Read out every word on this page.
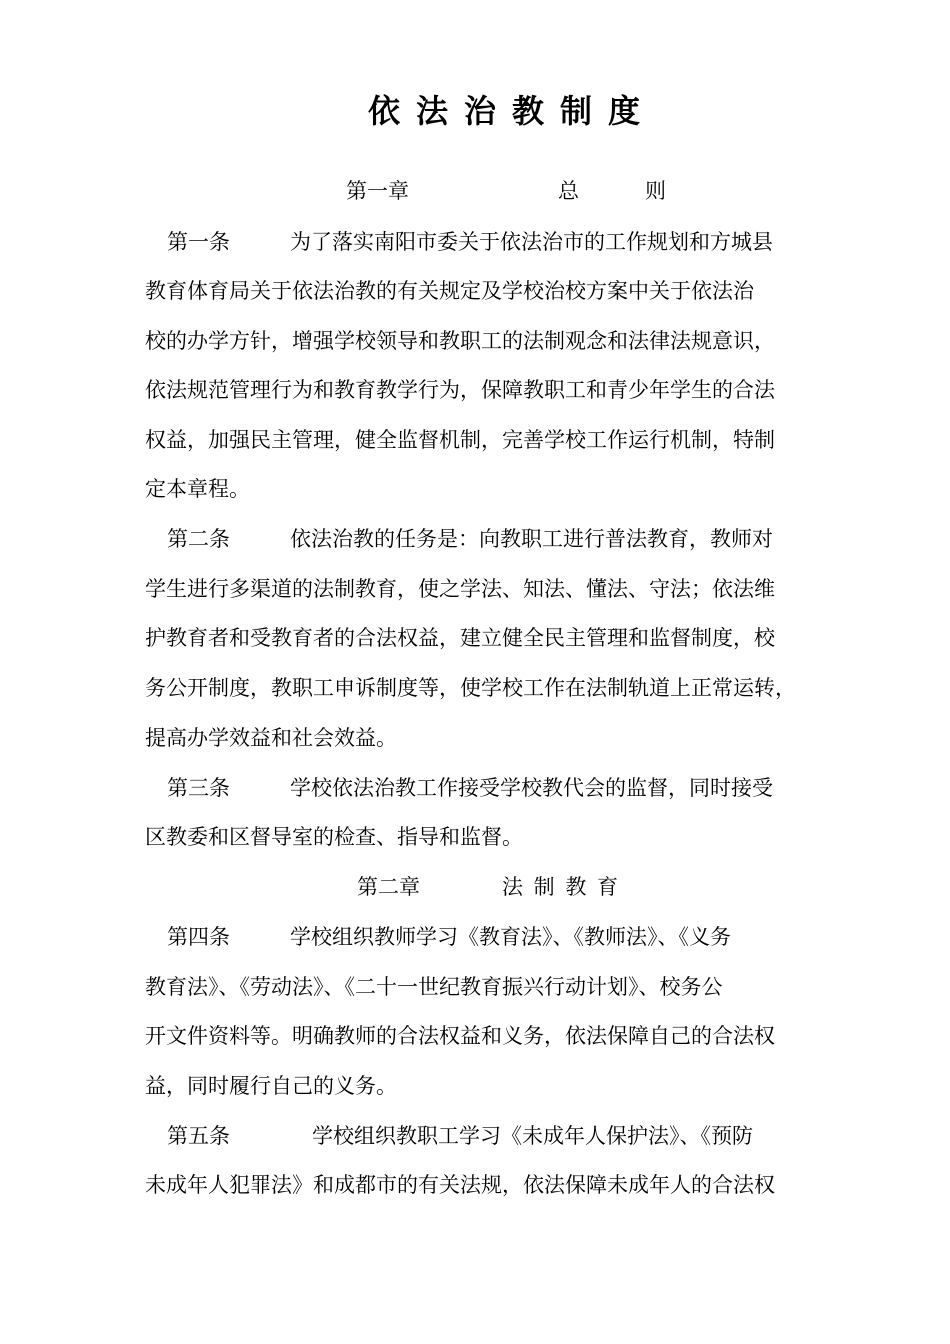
依法治教制度
第一章	总　　则
第一条	为了落实南阳市委关于依法治市的工作规划和方城县
教育体育局关于依法治教的有关规定及学校治校方案中关于依法治
校的办学方针，增强学校领导和教职工的法制观念和法律法规意识，
依法规范管理行为和教育教学行为，保障教职工和青少年学生的合法
权益，加强民主管理，健全监督机制，完善学校工作运行机制，特制
定本章程。
第二条	依法治教的任务是：向教职工进行普法教育，教师对
学生进行多渠道的法制教育，使之学法、知法、懂法、守法；依法维
护教育者和受教育者的合法权益，建立健全民主管理和监督制度，校
务公开制度，教职工申诉制度等，使学校工作在法制轨道上正常运转，
提高办学效益和社会效益。
第三条	学校依法治教工作接受学校教代会的监督，同时接受
区教委和区督导室的检查、指导和监督。
第二章	法 制 教 育
第四条	学校组织教师学习《教育法》、《教师法》、《义务
教育法》、《劳动法》、《二十一世纪教育振兴行动计划》、校务公
开文件资料等。明确教师的合法权益和义务，依法保障自己的合法权
益，同时履行自己的义务。
第五条	学校组织教职工学习《未成年人保护法》、《预防
未成年人犯罪法》和成都市的有关法规，依法保障未成年人的合法权
